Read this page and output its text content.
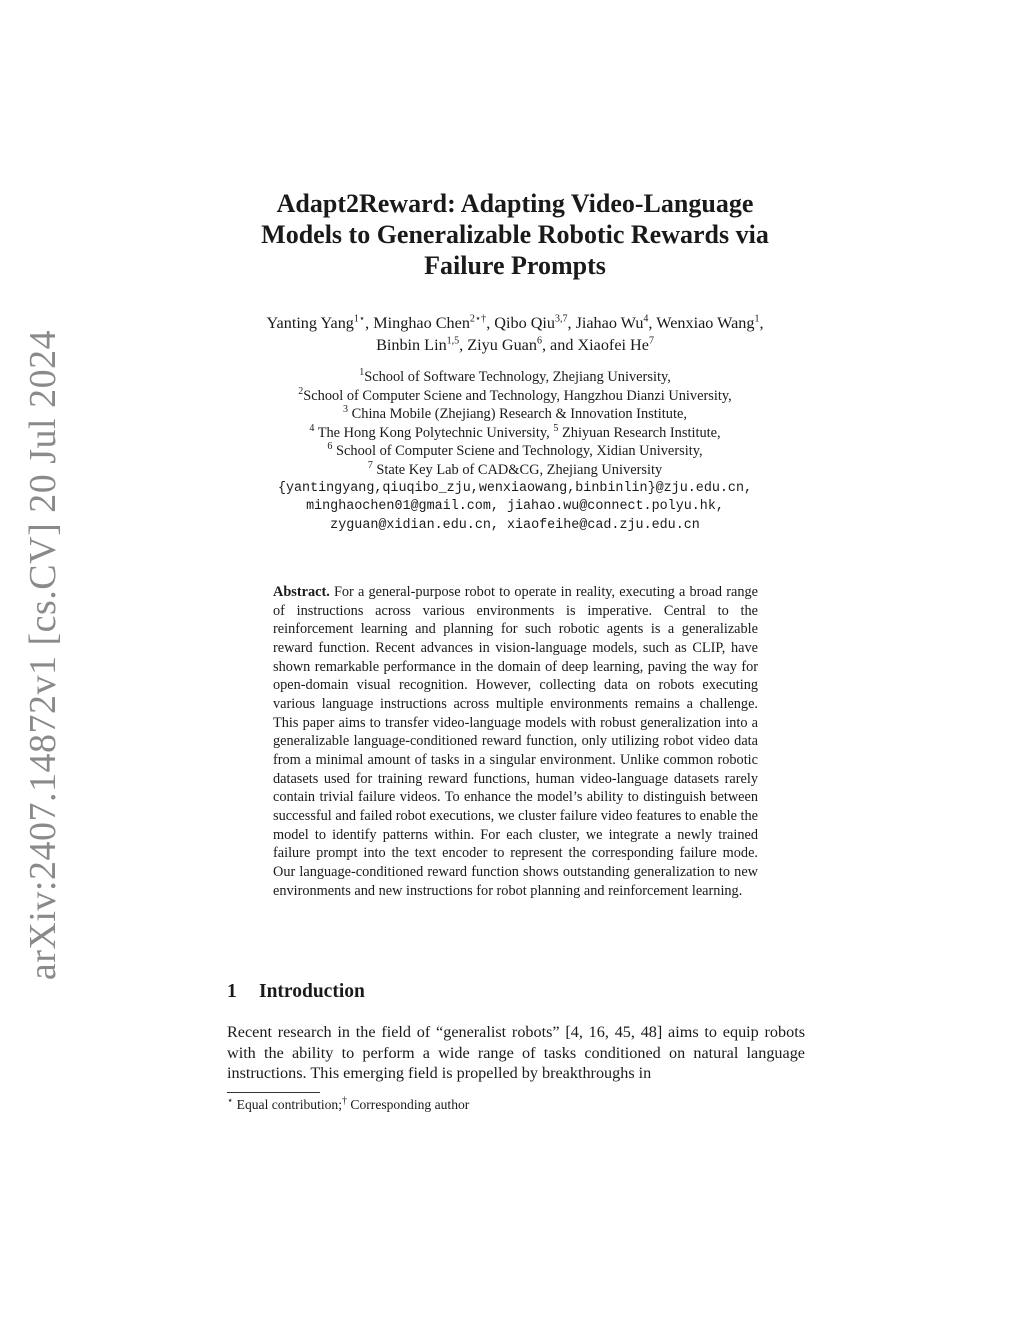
arXiv:2407.14872v1 [cs.CV] 20 Jul 2024
Adapt2Reward: Adapting Video-Language
Models to Generalizable Robotic Rewards via
Failure Prompts
Yanting Yang$^{1⋆}$, Minghao Chen$^{2⋆\dagger}$, Qibo Qiu$^{3,7}$, Jiahao Wu$^4$, Wenxiao Wang$^1$,
Binbin Lin$^{1,5}$, Ziyu Guan$^6$, and Xiaofei He$^7$
$^1$School of Software Technology, Zhejiang University,
$^2$School of Computer Sciene and Technology, Hangzhou Dianzi University,
$^3$ China Mobile (Zhejiang) Research & Innovation Institute,
$^4$ The Hong Kong Polytechnic University, $^5$ Zhiyuan Research Institute,
$^6$ School of Computer Sciene and Technology, Xidian University,
$^7$ State Key Lab of CAD&CG, Zhejiang University
{yantingyang,qiuqibo_zju,wenxiaowang,binbinlin}@zju.edu.cn,
minghaochen01@gmail.com, jiahao.wu@connect.polyu.hk,
zyguan@xidian.edu.cn, xiaofeihe@cad.zju.edu.cn

Abstract. For a general-purpose robot to operate in reality, executing a broad range of instructions across various environments is imperative. Central to the reinforcement learning and planning for such robotic agents is a generalizable reward function. Recent advances in vision-language models, such as CLIP, have shown remarkable performance in the domain of deep learning, paving the way for open-domain visual recognition. However, collecting data on robots executing various language instructions across multiple environments remains a challenge. This paper aims to transfer video-language models with robust generalization into a generalizable language-conditioned reward function, only utilizing robot video data from a minimal amount of tasks in a singular environment. Unlike common robotic datasets used for training reward functions, human video-language datasets rarely contain trivial failure videos. To enhance the model’s ability to distinguish between successful and failed robot executions, we cluster failure video features to enable the model to identify patterns within. For each cluster, we integrate a newly trained failure prompt into the text encoder to represent the corresponding failure mode. Our language-conditioned reward function shows outstanding generalization to new environments and new instructions for robot planning and reinforcement learning.

1 Introduction

Recent research in the field of “generalist robots” [4, 16, 45, 48] aims to equip robots with the ability to perform a wide range of tasks conditioned on natural language instructions. This emerging field is propelled by breakthroughs in

⋆ Equal contribution;† Corresponding author
